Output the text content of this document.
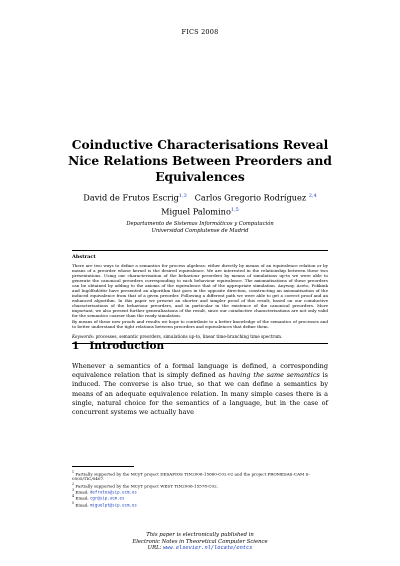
FICS 2008
Coinductive Characterisations Reveal Nice Relations Between Preorders and Equivalences
David de Frutos Escrig$^{1,3}$ Carlos Gregorio Rodríguez $^{2,4}$
Miguel Palomino$^{1,5}$
Departamento de Sistemas Informáticos y Computación
Universidad Complutense de Madrid
Abstract

There are two ways to define a semantics for process algebras: either directly by means of an equivalence relation or by means of a preorder whose kernel is the desired equivalence. We are interested in the relationship between these two presentations. Using our characterisation of the behaviour preorders by means of simulations up-to we were able to generate the canonical preorders corresponding to each behaviour equivalence. The axiomatisations of these preorders can be obtained by adding to the axioms of the equivalence that of the appropriate simulation. Anyway, Aceto, Fokkink and Ingólfsdóttir have presented an algorithm that goes in the opposite direction, constructing an axiomatisation of the induced equivalence from that of a given preorder. Following a different path we were able to get a correct proof and an enhanced algorithm. In this paper we present an shorter and simpler proof of this result, based on our coinductive characterisations of the behaviour preorders, and in particular in the existence of the canonical preorders. More important, we also present further generalizations of the result, since our coinductive characterisations are not only valid for the semantics coarser than the ready simulation.

By means of these new proofs and results we hope to contribute to a better knowledge of the semantics of processes and to better understand the tight relations between preorders and equivalences that define them.

Keywords: processes, semantic preorders, simulations up-to, linear time-branching time spectrum.
1 Introduction
Whenever a semantics of a formal language is defined, a corresponding equivalence relation that is simply defined as having the same semantics is induced. The converse is also true, so that we can define a semantics by means of an adequate equivalence relation. In many simple cases there is a single, natural choice for the semantics of a language, but in the case of concurrent systems we actually have

$^1$ Partially supported by the MCyT project DESAFIOS TIN2006-15660-C02-02 and the project PROMESAS-CAM S-0505/TIC/0407.

$^2$ Partially supported by the MCyT project WEST TIN2006-15578-C02.

$^3$ Email: defrutos@sip.ucm.es

$^4$ Email: cgr@sip.ucm.es

$^5$ Email: miguelpt@sip.ucm.es

This paper is electronically published in
Electronic Notes in Theoretical Computer Science
URL: www.elsevier.nl/locate/entcs
